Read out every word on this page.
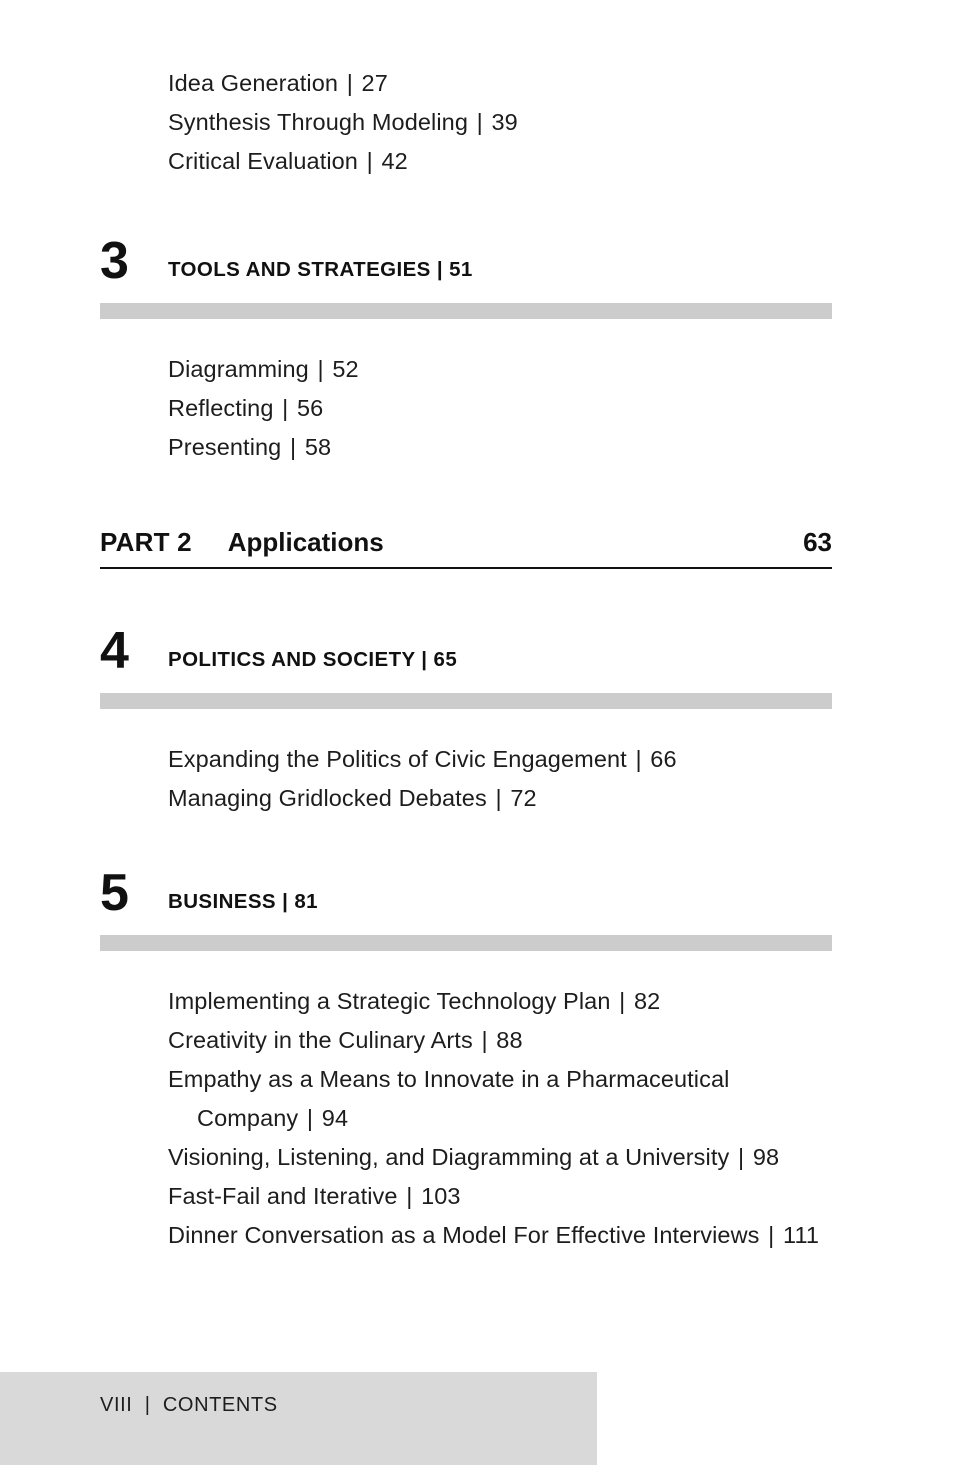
Idea Generation | 27
Synthesis Through Modeling | 39
Critical Evaluation | 42
3	TOOLS AND STRATEGIES | 51
Diagramming | 52
Reflecting | 56
Presenting | 58
PART 2 Applications	63
4	POLITICS AND SOCIETY | 65
Expanding the Politics of Civic Engagement | 66
Managing Gridlocked Debates | 72
5	BUSINESS | 81
Implementing a Strategic Technology Plan | 82
Creativity in the Culinary Arts | 88
Empathy as a Means to Innovate in a Pharmaceutical
Company | 94
Visioning, Listening, and Diagramming at a University | 98
Fast-Fail and Iterative | 103
Dinner Conversation as a Model For Effective Interviews | 111
VIII | CONTENTS
